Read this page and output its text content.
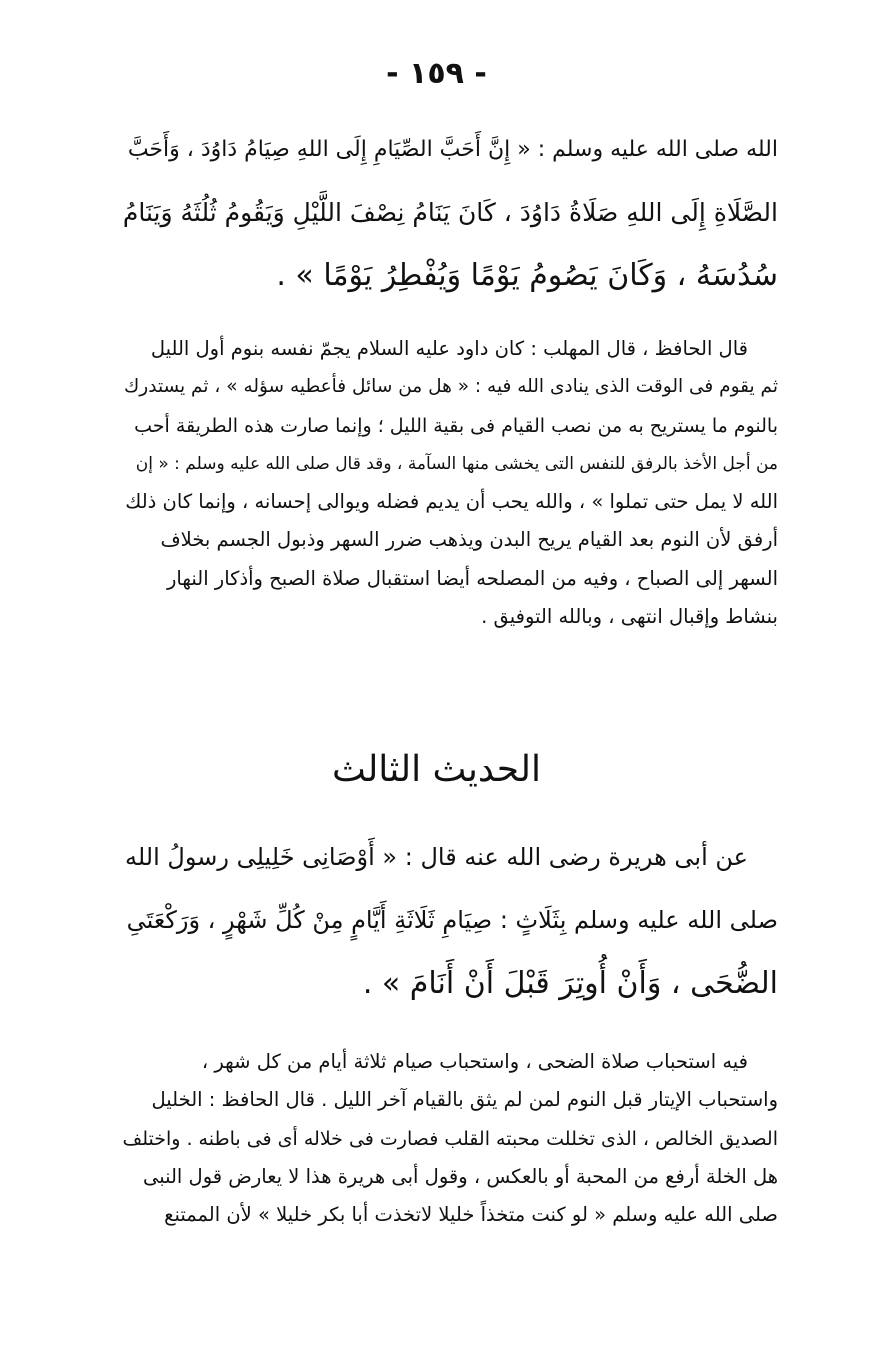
- ١٥٩ -
الله صلى الله عليه وسلم : « إِنَّ أَحَبَّ الصِّيَامِ إِلَى اللهِ صِيَامُ دَاوُدَ ، وَأَحَبَّ
الصَّلَاةِ إِلَى اللهِ صَلَاةُ دَاوُدَ ، كَانَ يَنَامُ نِصْفَ اللَّيْلِ وَيَقُومُ ثُلُثَهُ وَيَنَامُ
سُدُسَهُ ، وَكَانَ يَصُومُ يَوْمًا وَيُفْطِرُ يَوْمًا » .
قال الحافظ ، قال المهلب : كان داود عليه السلام يجمّ نفسه بنوم أول الليل
ثم يقوم فى الوقت الذى ينادى الله فيه : « هل من سائل فأعطيه سؤله » ، ثم يستدرك
بالنوم ما يستريح به من نصب القيام فى بقية الليل ؛ وإنما صارت هذه الطريقة أحب
من أجل الأخذ بالرفق للنفس التى يخشى منها السآمة ، وقد قال صلى الله عليه وسلم : « إن
الله لا يمل حتى تملوا » ، والله يحب أن يديم فضله ويوالى إحسانه ، وإنما كان ذلك
أرفق لأن النوم بعد القيام يريح البدن ويذهب ضرر السهر وذبول الجسم بخلاف
السهر إلى الصباح ، وفيه من المصلحه أيضا استقبال صلاة الصبح وأذكار النهار
بنشاط وإقبال انتهى ، وبالله التوفيق .
الحديث الثالث
عن أبى هريرة رضى الله عنه قال : « أَوْصَانِى خَلِيلِى رسولُ الله
صلى الله عليه وسلم بِثَلَاثٍ : صِيَامِ ثَلَاثَةِ أَيَّامٍ مِنْ كُلِّ شَهْرٍ ، وَرَكْعَتَىِ
الضُّحَى ، وَأَنْ أُوتِرَ قَبْلَ أَنْ أَنَامَ » .
فيه استحباب صلاة الضحى ، واستحباب صيام ثلاثة أيام من كل شهر ،
واستحباب الإيتار قبل النوم لمن لم يثق بالقيام آخر الليل . قال الحافظ : الخليل
الصديق الخالص ، الذى تخللت محبته القلب فصارت فى خلاله أى فى باطنه . واختلف
هل الخلة أرفع من المحبة أو بالعكس ، وقول أبى هريرة هذا لا يعارض قول النبى
صلى الله عليه وسلم « لو كنت متخذاً خليلا لاتخذت أبا بكر خليلا » لأن الممتنع
